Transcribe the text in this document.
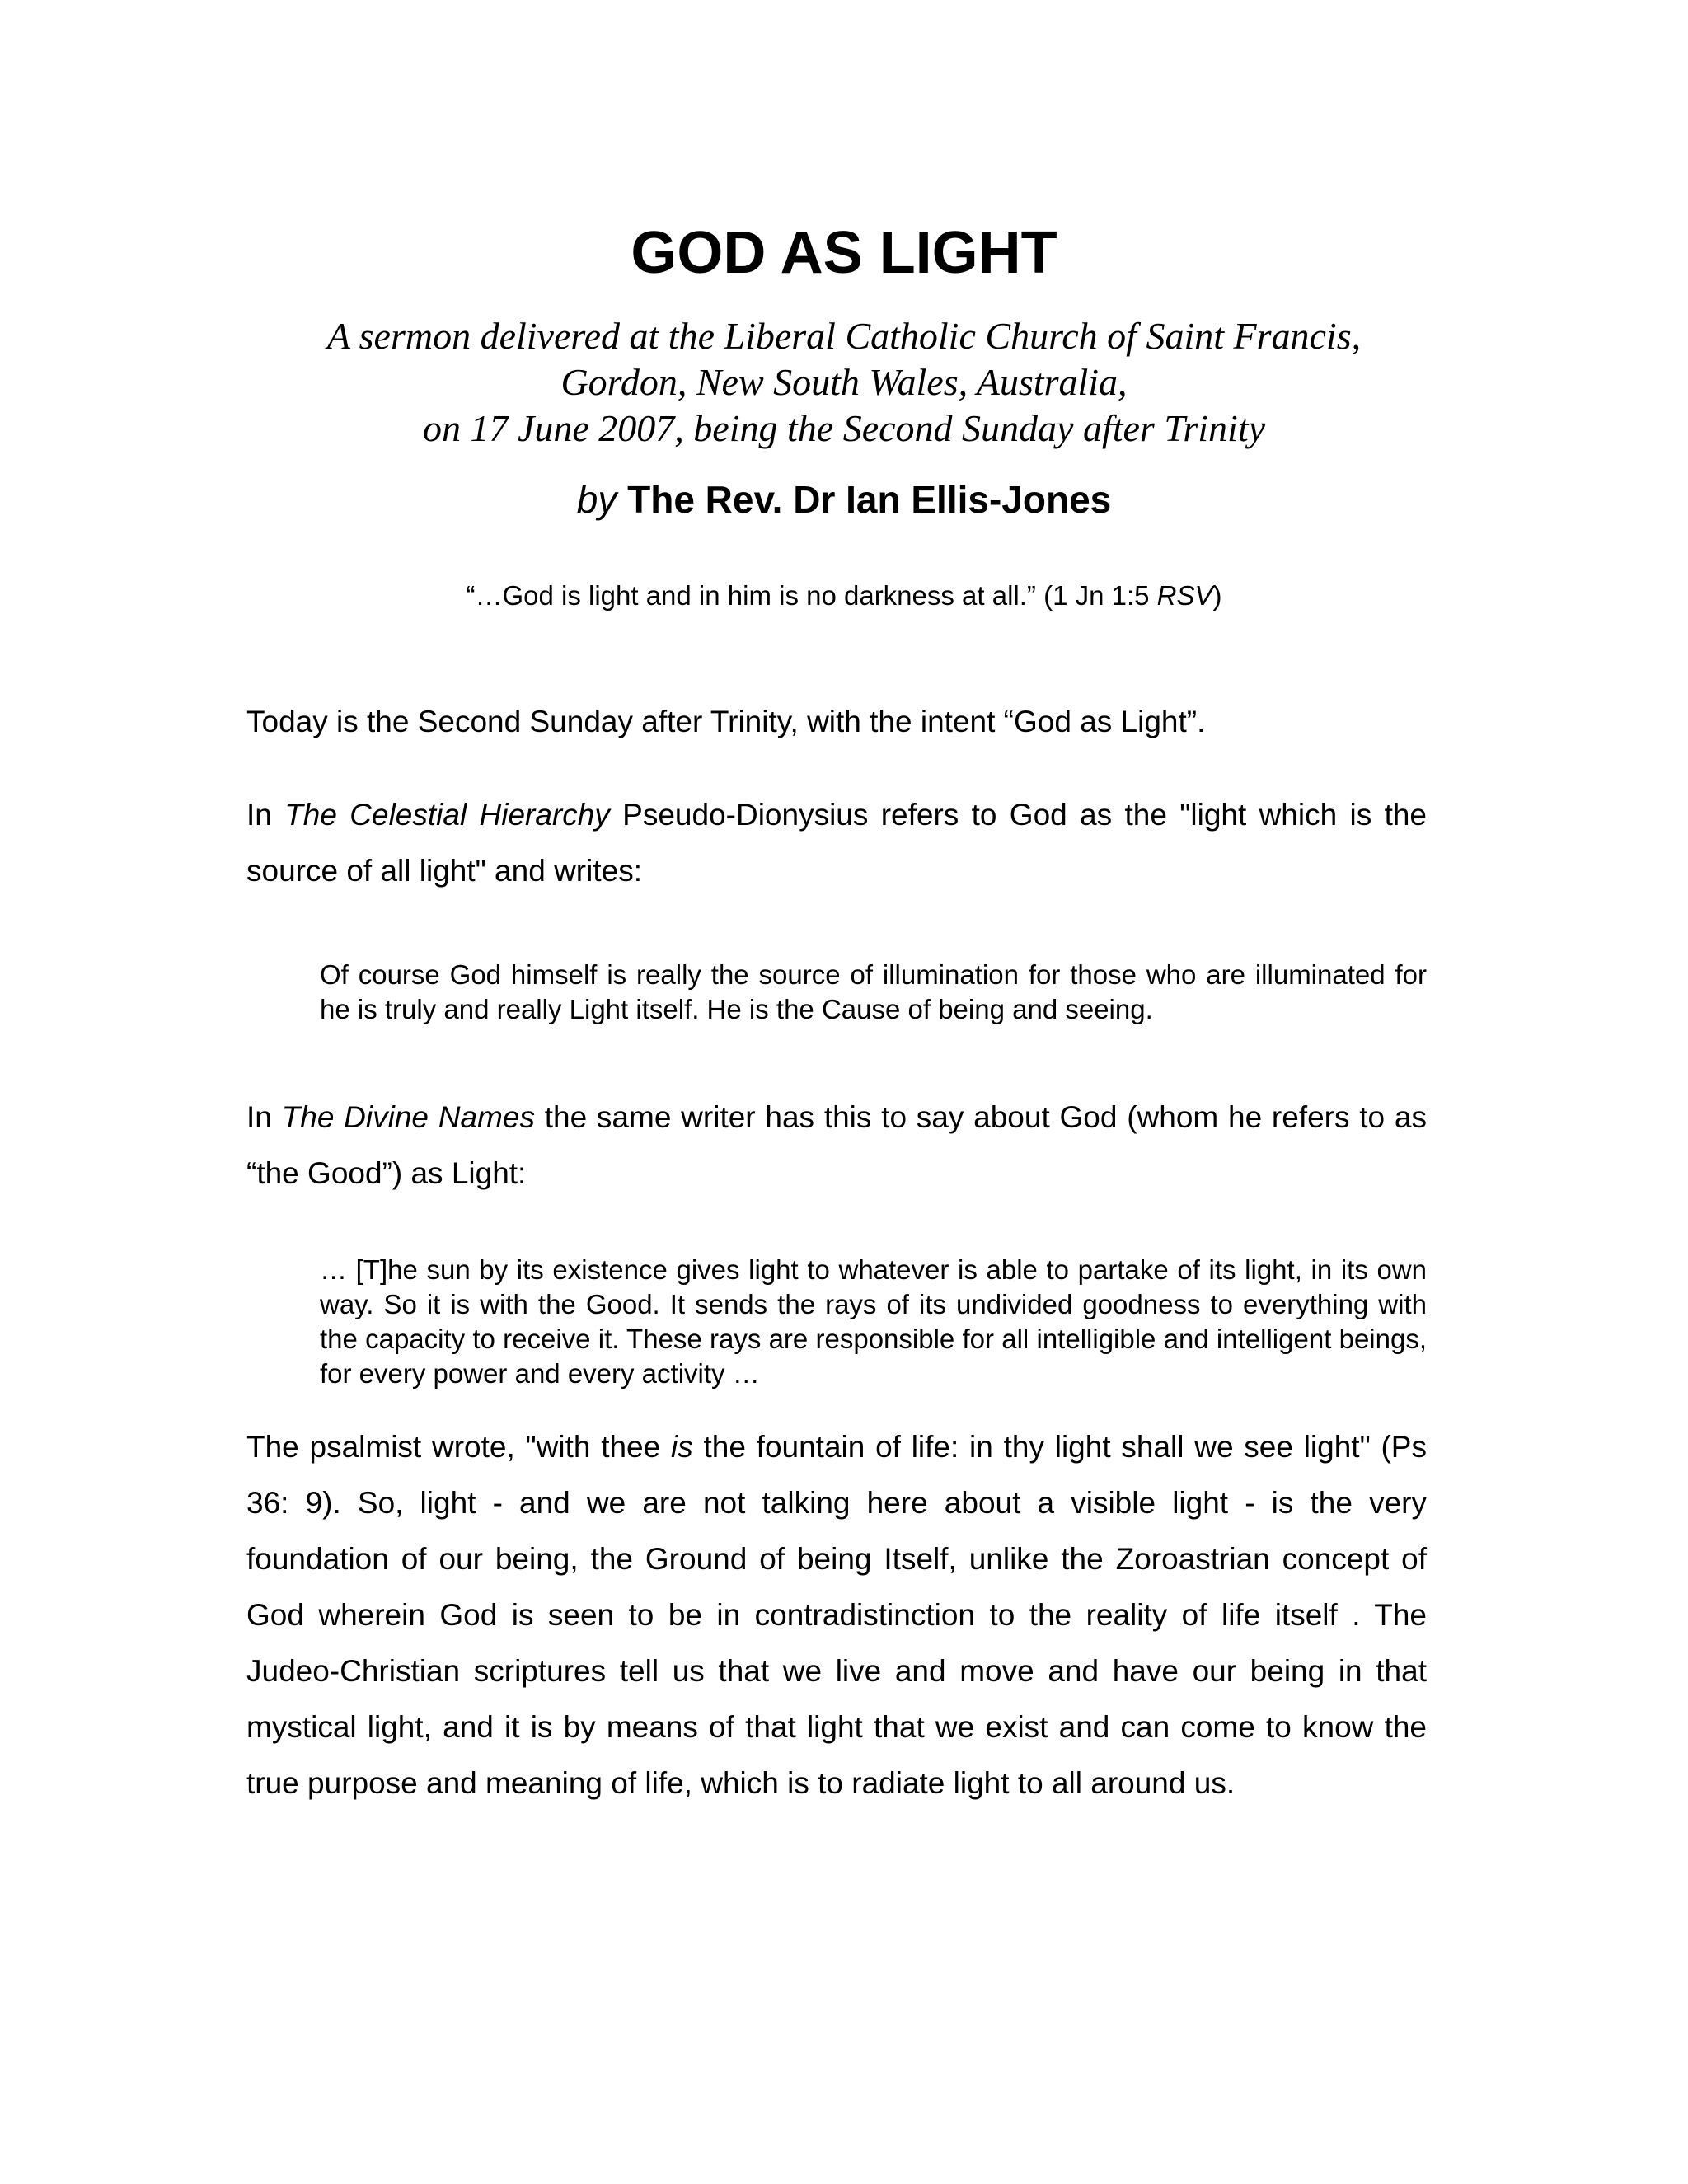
GOD AS LIGHT
A sermon delivered at the Liberal Catholic Church of Saint Francis,
Gordon, New South Wales, Australia,
on 17 June 2007, being the Second Sunday after Trinity

by The Rev. Dr Ian Ellis-Jones

“…God is light and in him is no darkness at all.” (1 Jn 1:5 RSV)

Today is the Second Sunday after Trinity, with the intent “God as Light”.

In The Celestial Hierarchy Pseudo-Dionysius refers to God as the "light which is the source of all light" and writes:

Of course God himself is really the source of illumination for those who are illuminated for he is truly and really Light itself. He is the Cause of being and seeing.

In The Divine Names the same writer has this to say about God (whom he refers to as “the Good”) as Light:

… [T]he sun by its existence gives light to whatever is able to partake of its light, in its own way. So it is with the Good. It sends the rays of its undivided goodness to everything with the capacity to receive it. These rays are responsible for all intelligible and intelligent beings, for every power and every activity …

The psalmist wrote, "with thee is the fountain of life: in thy light shall we see light" (Ps 36: 9). So, light - and we are not talking here about a visible light - is the very foundation of our being, the Ground of being Itself, unlike the Zoroastrian concept of God wherein God is seen to be in contradistinction to the reality of life itself . The Judeo-Christian scriptures tell us that we live and move and have our being in that mystical light, and it is by means of that light that we exist and can come to know the true purpose and meaning of life, which is to radiate light to all around us.
